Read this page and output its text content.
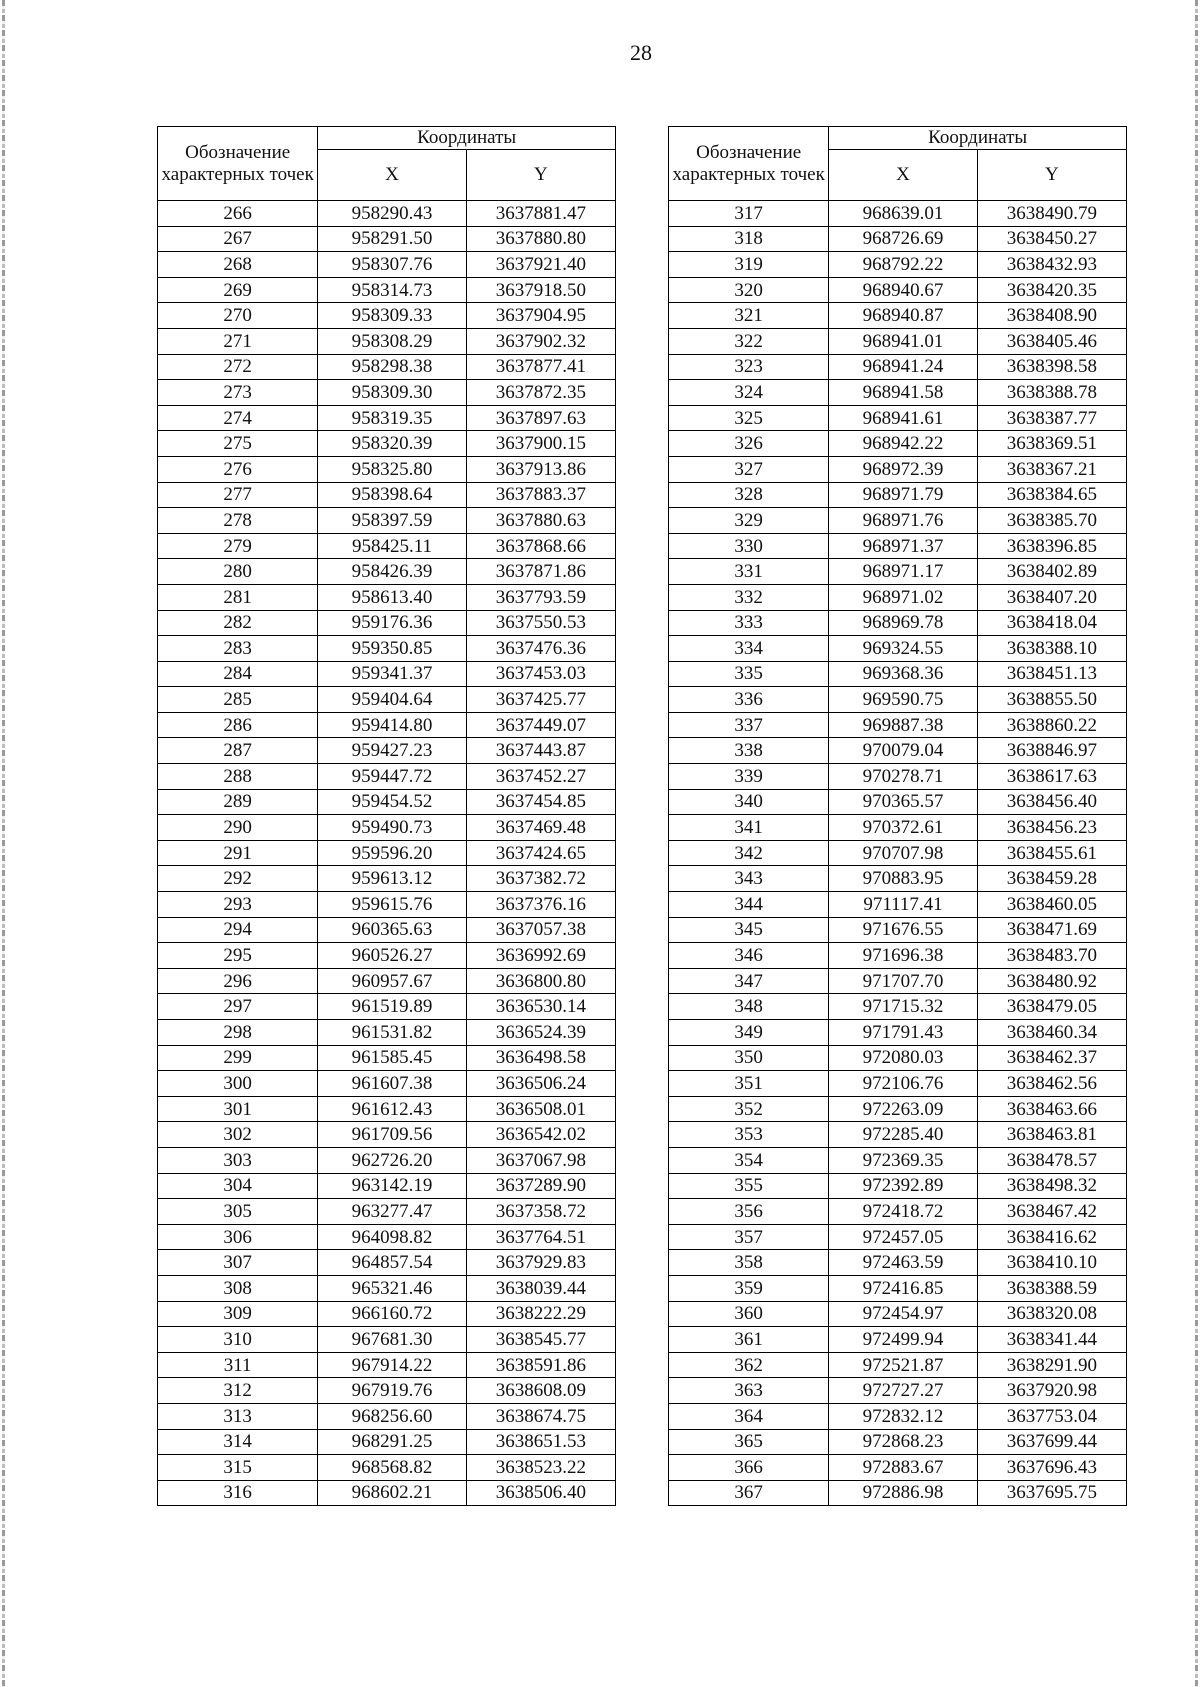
28
Обозначение характерных точек	Координаты	
	X	Y
266	958290.43	3637881.47
267	958291.50	3637880.80
268	958307.76	3637921.40
269	958314.73	3637918.50
270	958309.33	3637904.95
271	958308.29	3637902.32
272	958298.38	3637877.41
273	958309.30	3637872.35
274	958319.35	3637897.63
275	958320.39	3637900.15
276	958325.80	3637913.86
277	958398.64	3637883.37
278	958397.59	3637880.63
279	958425.11	3637868.66
280	958426.39	3637871.86
281	958613.40	3637793.59
282	959176.36	3637550.53
283	959350.85	3637476.36
284	959341.37	3637453.03
285	959404.64	3637425.77
286	959414.80	3637449.07
287	959427.23	3637443.87
288	959447.72	3637452.27
289	959454.52	3637454.85
290	959490.73	3637469.48
291	959596.20	3637424.65
292	959613.12	3637382.72
293	959615.76	3637376.16
294	960365.63	3637057.38
295	960526.27	3636992.69
296	960957.67	3636800.80
297	961519.89	3636530.14
298	961531.82	3636524.39
299	961585.45	3636498.58
300	961607.38	3636506.24
301	961612.43	3636508.01
302	961709.56	3636542.02
303	962726.20	3637067.98
304	963142.19	3637289.90
305	963277.47	3637358.72
306	964098.82	3637764.51
307	964857.54	3637929.83
308	965321.46	3638039.44
309	966160.72	3638222.29
310	967681.30	3638545.77
311	967914.22	3638591.86
312	967919.76	3638608.09
313	968256.60	3638674.75
314	968291.25	3638651.53
315	968568.82	3638523.22
316	968602.21	3638506.40
Обозначение характерных точек	Координаты	
	X	Y
317	968639.01	3638490.79
318	968726.69	3638450.27
319	968792.22	3638432.93
320	968940.67	3638420.35
321	968940.87	3638408.90
322	968941.01	3638405.46
323	968941.24	3638398.58
324	968941.58	3638388.78
325	968941.61	3638387.77
326	968942.22	3638369.51
327	968972.39	3638367.21
328	968971.79	3638384.65
329	968971.76	3638385.70
330	968971.37	3638396.85
331	968971.17	3638402.89
332	968971.02	3638407.20
333	968969.78	3638418.04
334	969324.55	3638388.10
335	969368.36	3638451.13
336	969590.75	3638855.50
337	969887.38	3638860.22
338	970079.04	3638846.97
339	970278.71	3638617.63
340	970365.57	3638456.40
341	970372.61	3638456.23
342	970707.98	3638455.61
343	970883.95	3638459.28
344	971117.41	3638460.05
345	971676.55	3638471.69
346	971696.38	3638483.70
347	971707.70	3638480.92
348	971715.32	3638479.05
349	971791.43	3638460.34
350	972080.03	3638462.37
351	972106.76	3638462.56
352	972263.09	3638463.66
353	972285.40	3638463.81
354	972369.35	3638478.57
355	972392.89	3638498.32
356	972418.72	3638467.42
357	972457.05	3638416.62
358	972463.59	3638410.10
359	972416.85	3638388.59
360	972454.97	3638320.08
361	972499.94	3638341.44
362	972521.87	3638291.90
363	972727.27	3637920.98
364	972832.12	3637753.04
365	972868.23	3637699.44
366	972883.67	3637696.43
367	972886.98	3637695.75
